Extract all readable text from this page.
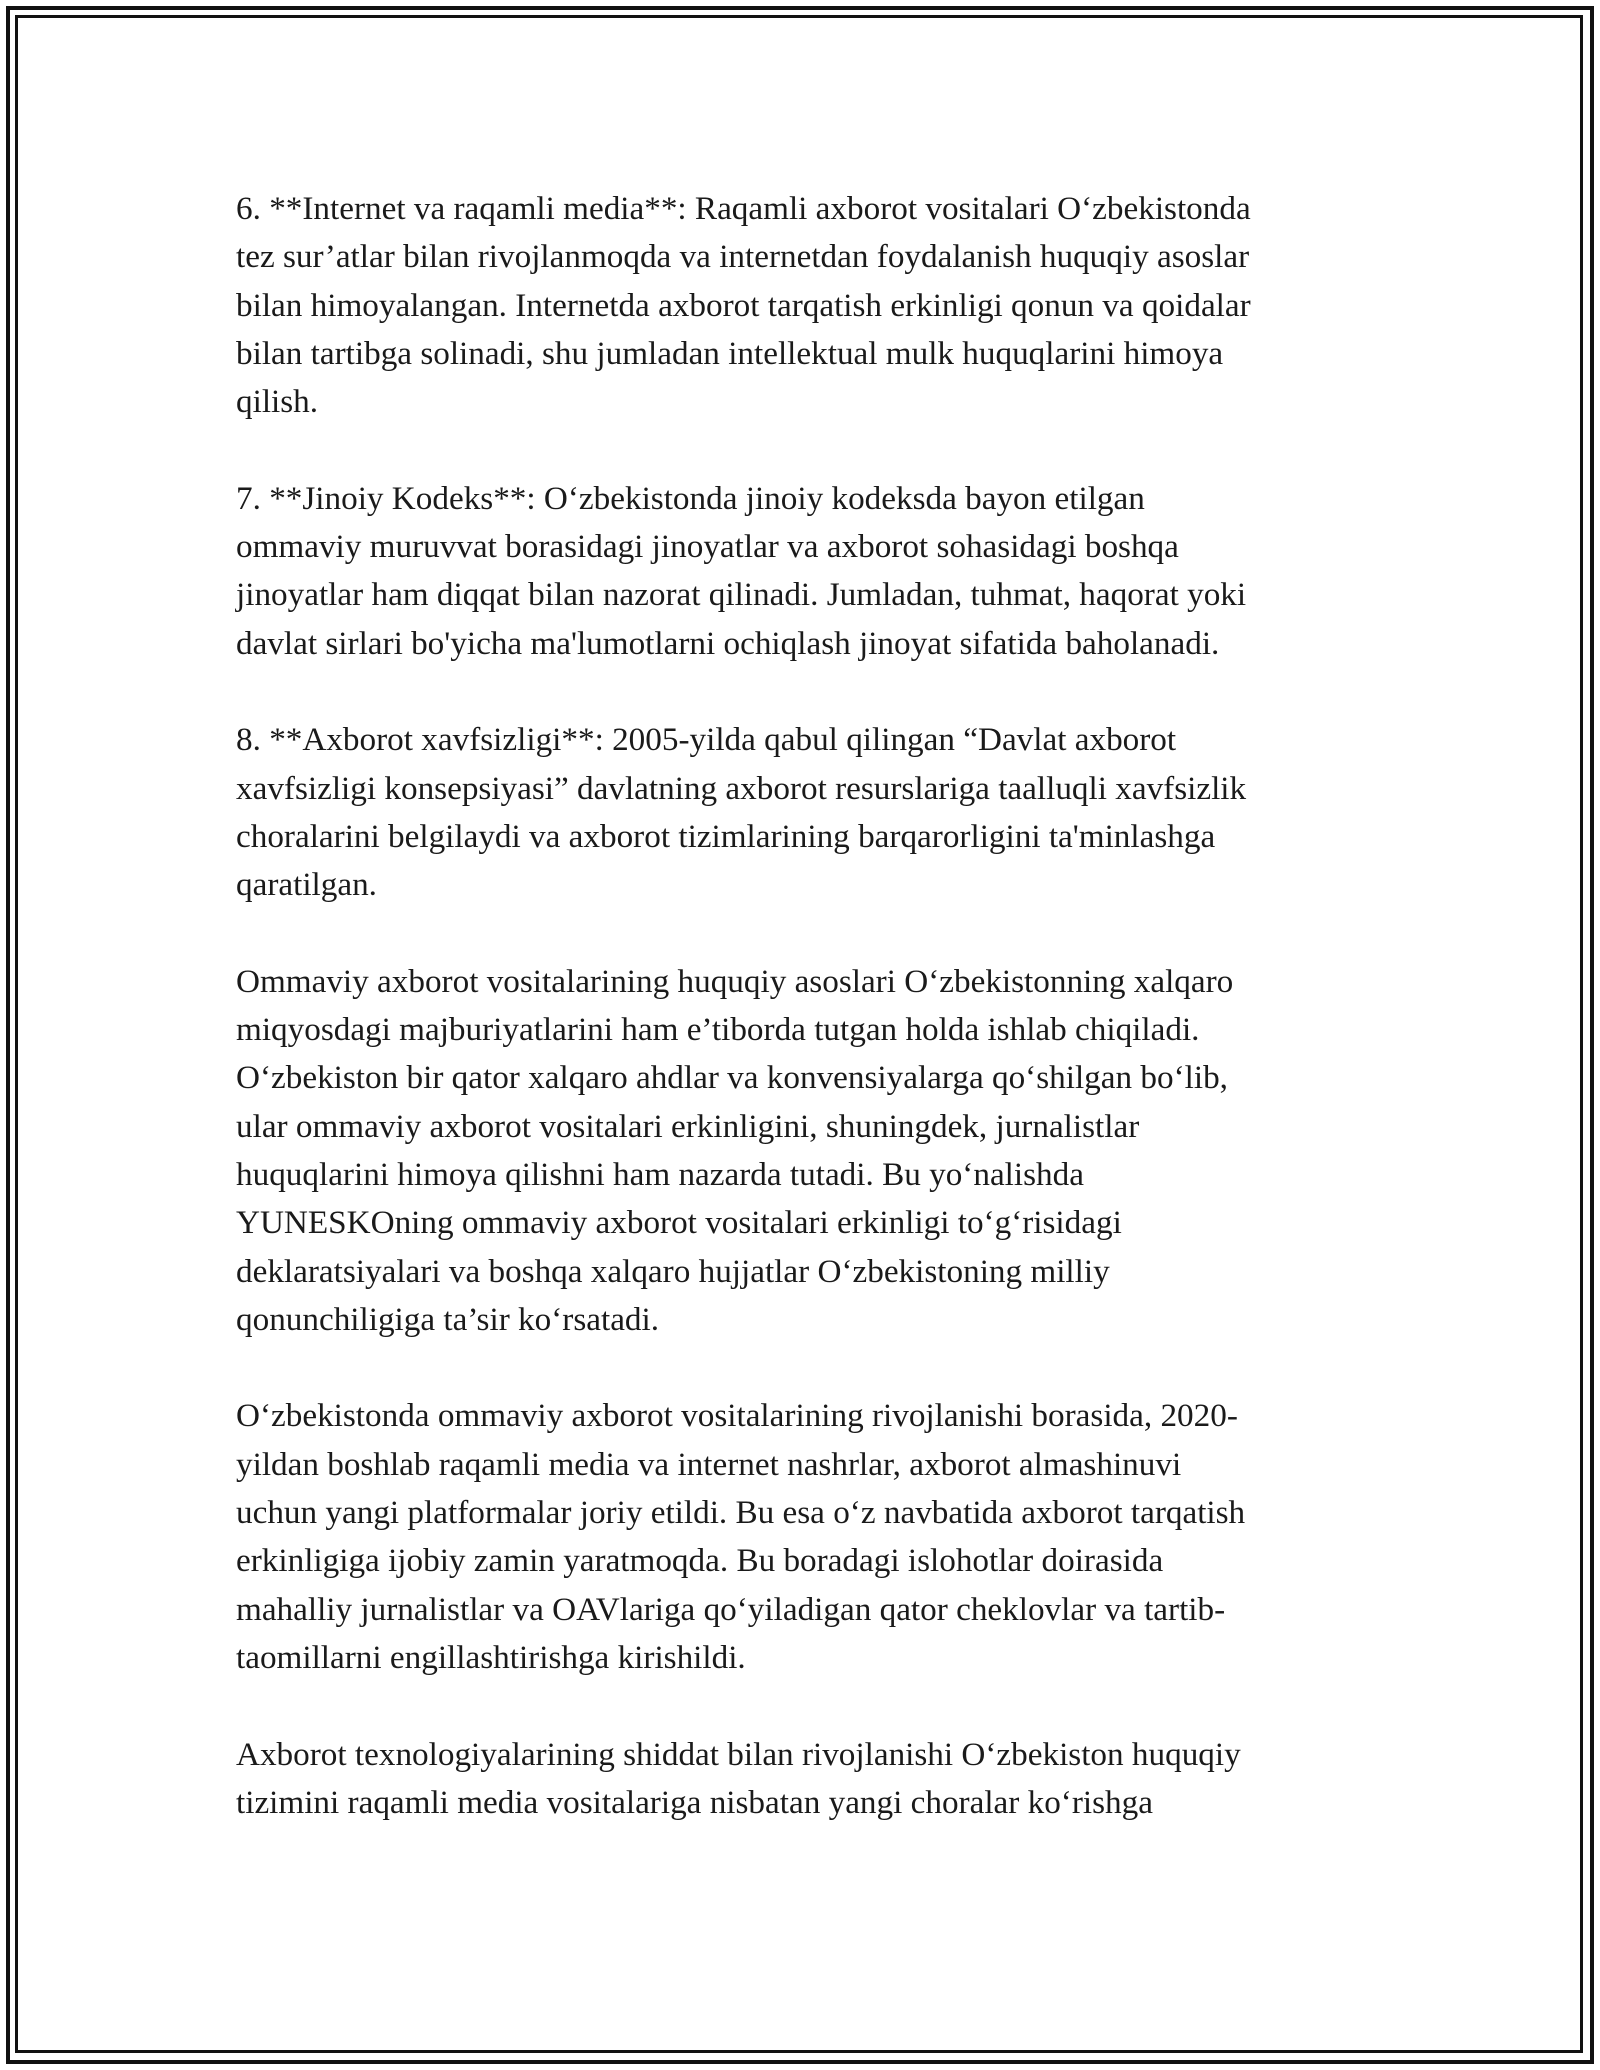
6. **Internet va raqamli media**: Raqamli axborot vositalari O‘zbekistonda
tez sur’atlar bilan rivojlanmoqda va internetdan foydalanish huquqiy asoslar
bilan himoyalangan. Internetda axborot tarqatish erkinligi qonun va qoidalar
bilan tartibga solinadi, shu jumladan intellektual mulk huquqlarini himoya
qilish.

7. **Jinoiy Kodeks**: O‘zbekistonda jinoiy kodeksda bayon etilgan
ommaviy muruvvat borasidagi jinoyatlar va axborot sohasidagi boshqa
jinoyatlar ham diqqat bilan nazorat qilinadi. Jumladan, tuhmat, haqorat yoki
davlat sirlari bo'yicha ma'lumotlarni ochiqlash jinoyat sifatida baholanadi.

8. **Axborot xavfsizligi**: 2005-yilda qabul qilingan “Davlat axborot
xavfsizligi konsepsiyasi” davlatning axborot resurslariga taalluqli xavfsizlik
choralarini belgilaydi va axborot tizimlarining barqarorligini ta'minlashga
qaratilgan.

Ommaviy axborot vositalarining huquqiy asoslari O‘zbekistonning xalqaro
miqyosdagi majburiyatlarini ham e’tiborda tutgan holda ishlab chiqiladi.
O‘zbekiston bir qator xalqaro ahdlar va konvensiyalarga qo‘shilgan bo‘lib,
ular ommaviy axborot vositalari erkinligini, shuningdek, jurnalistlar
huquqlarini himoya qilishni ham nazarda tutadi. Bu yo‘nalishda
YUNESKOning ommaviy axborot vositalari erkinligi to‘g‘risidagi
deklaratsiyalari va boshqa xalqaro hujjatlar O‘zbekistoning milliy
qonunchiligiga ta’sir ko‘rsatadi.

O‘zbekistonda ommaviy axborot vositalarining rivojlanishi borasida, 2020-
yildan boshlab raqamli media va internet nashrlar, axborot almashinuvi
uchun yangi platformalar joriy etildi. Bu esa o‘z navbatida axborot tarqatish
erkinligiga ijobiy zamin yaratmoqda. Bu boradagi islohotlar doirasida
mahalliy jurnalistlar va OAVlariga qo‘yiladigan qator cheklovlar va tartib-
taomillarni engillashtirishga kirishildi.

Axborot texnologiyalarining shiddat bilan rivojlanishi O‘zbekiston huquqiy
tizimini raqamli media vositalariga nisbatan yangi choralar ko‘rishga
